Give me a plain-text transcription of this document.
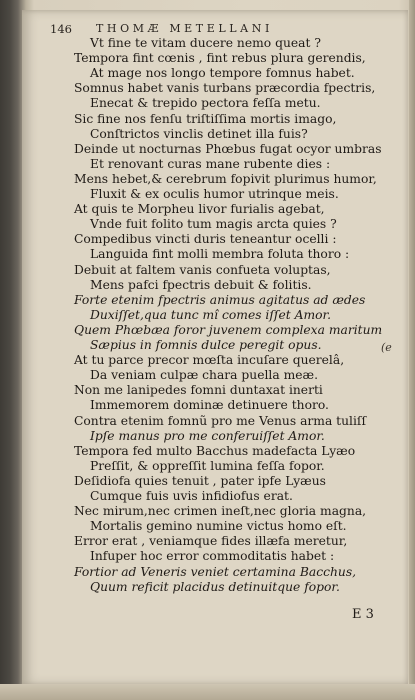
146 THOMÆ METELLANI
Vt fine te vitam ducere nemo queat ?
Tempora fint cœnis , fint rebus plura gerendis,
At mage nos longo tempore fomnus habet.
Somnus habet vanis turbans præcordia fpectris,
Enecat & trepido pectora feſſa metu.
Sic fine nos fenſu triſtiſſima mortis imago,
Conſtrictos vinclis detinet illa fuis?
Deinde ut nocturnas Phœbus fugat ocyor umbras
Et renovant curas mane rubente dies :
Mens hebet,& cerebrum fopivit plurimus humor,
Fluxit & ex oculis humor utrinque meis.
At quis te Morpheu livor furialis agebat,
Vnde fuit folito tum magis arcta quies ?
Compedibus vincti duris teneantur ocelli :
Languida fint molli membra foluta thoro :
Debuit at faltem vanis confueta voluptas,
Mens pafci fpectris debuit & folitis.
Forte etenim fpectris animus agitatus ad ædes
Duxiſſet,qua tunc mî comes iſſet Amor.
Quem Phœbæa foror juvenem complexa maritum
Sæpius in fomnis dulce peregit opus.
At tu parce precor mœſta incuſare querelâ,
Da veniam culpæ chara puella meæ.
Non me lanipedes fomni duntaxat inerti
Immemorem dominæ detinuere thoro.
Contra etenim fomnũ pro me Venus arma tuliſſ
Ipſe manus pro me conferuiſſet Amor.
Tempora fed multo Bacchus madefacta Lyæo
Preſſit, & oppreſſit lumina feſſa fopor.
Deſidiofa quies tenuit , pater ipfe Lyæus
Cumque fuis uvis infidiofus erat.
Nec mirum,nec crimen ineſt,nec gloria magna,
Mortalis gemino numine victus homo eſt.
Error erat , veniamque fides illæfa meretur,
Infuper hoc error commoditatis habet :
Fortior ad Veneris veniet certamina Bacchus,
Quum reficit placidus detinuitque fopor.
(e
E 3
